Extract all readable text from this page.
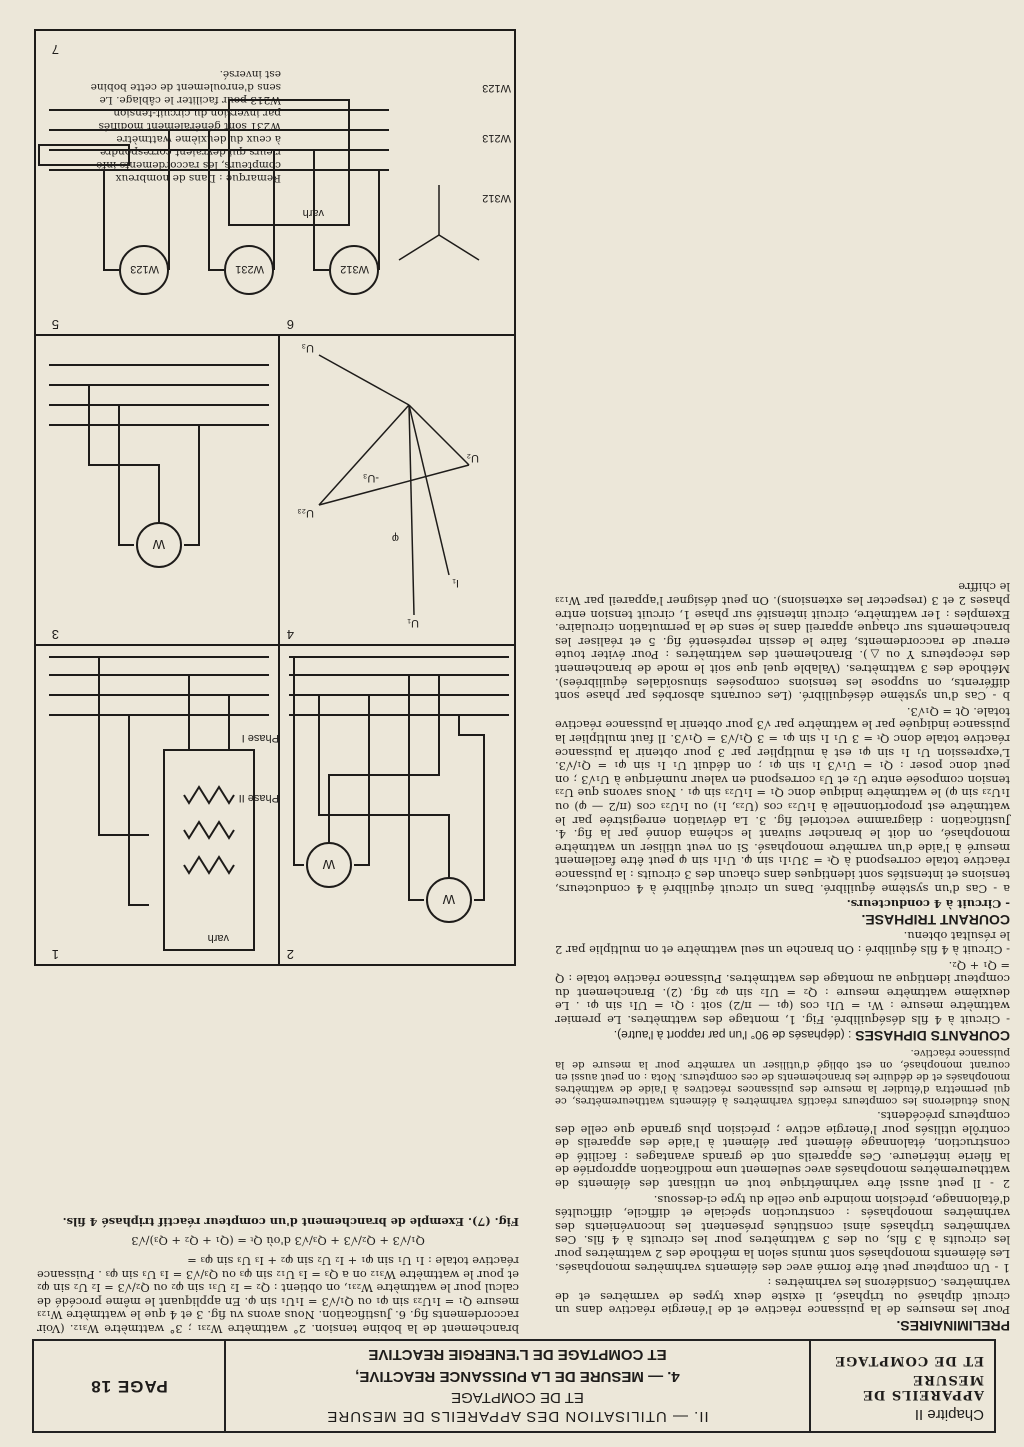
Chapitre II
APPAREILS DE MESURE
ET DE COMPTAGE
II. — UTILISATION DES APPAREILS DE MESURE
ET DE COMPTAGE
4. — MESURE DE LA PUISSANCE REACTIVE,
ET COMPTAGE DE L'ENERGIE REACTIVE
PAGE 18
PRELIMINAIRES.

Pour les mesures de la puissance réactive et de l'énergie réactive dans un circuit diphasé ou triphasé, il existe deux types de varmètres et de varhmètres. Considérons les varhmètres :

1 - Un compteur peut être formé avec des éléments varhmètres monophasés. Les éléments monophasés sont munis selon la méthode des 2 wattmètres pour les circuits à 3 fils, ou des 3 wattmètres pour les circuits à 4 fils. Ces varhmètres triphasés ainsi constitués présentent les inconvénients des varhmètres monophasés : construction spéciale et difficile, difficultés d'étalonnage, précision moindre que celle du type ci-dessous.

2 - Il peut aussi être varhmétrique tout en utilisant des éléments de wattheuremètres monophasés avec seulement une modification appropriée de la filerie intérieure. Ces appareils ont de grands avantages : facilité de construction, étalonnage élément par élément à l'aide des appareils de contrôle utilisés pour l'énergie active ; précision plus grande que celle des compteurs précédents.

Nous étudierons les compteurs réactifs varhmètres à éléments wattheuremètres, ce qui permettra d'étudier la mesure des puissances réactives à l'aide de wattmètres monophasés et de déduire les branchements de ces compteurs. Nota : on peut aussi en courant monophasé, on est obligé d'utiliser un varmètre pour la mesure de la puissance réactive.

COURANTS DIPHASES : (déphasés de 90° l'un par rapport à l'autre).

- Circuit à 4 fils déséquilibré. Fig. 1, montage des wattmètres. Le premier wattmètre mesure : W₁ = UI₁ cos (φ₁ — π/2) soit : Q₁ = UI₁ sin φ₁ . Le deuxième wattmètre mesure : Q₂ = UI₂ sin φ₂ fig. (2). Branchement du compteur identique au montage des wattmètres. Puissance réactive totale : Q = Q₁ + Q₂.

- Circuit à 4 fils équilibré : On branche un seul wattmètre et on multiplie par 2 le résultat obtenu.

COURANT TRIPHASE.

- Circuit à 4 conducteurs.

a - Cas d'un système équilibré. Dans un circuit équilibré à 4 conducteurs, tensions et intensités sont identiques dans chacun des 3 circuits : la puissance réactive totale correspond à Qₜ = 3U₁I₁ sin φ. U₁I₁ sin φ peut être facilement mesuré à l'aide d'un varmètre monophasé. Si on veut utiliser un wattmètre monophasé, on doit le brancher suivant le schéma donné par la fig. 4. Justification : diagramme vectoriel fig. 3. La déviation enregistrée par le wattmètre est proportionnelle à I₁U₂₃ cos (U₂₃, I₁) ou I₁U₂₃ cos (π/2 — φ) ou I₁U₂₃ sin φ) le wattmètre indique donc Q₁ = I₁U₂₃ sin φ₁ . Nous savons que U₂₃ tension composée entre U₂ et U₃ correspond en valeur numérique à U₁√3 ; on peut donc poser : Q₁ = U₁√3 I₁ sin φ₁ ; on déduit U₁ I₁ sin φ₁ = Q₁/√3. L'expression U₁ I₁ sin φ₁ est à multiplier par 3 pour obtenir la puissance réactive totale donc Qₜ = 3 U₁ I₁ sin φ₁ = 3 Q₁/√3 = Q₁√3. Il faut multiplier la puissance indiquée par le wattmètre par √3 pour obtenir la puissance réactive totale. Qt = Q₁√3.

b - Cas d'un système déséquilibré. (Les courants absorbés par phase sont différents, on suppose les tensions composées sinusoïdales équilibrées). Méthode des 3 wattmètres. (Valable quel que soit le mode de branchement des récepteurs Y ou △). Branchement des wattmètres : Pour éviter toute erreur de raccordements, faire le dessin représenté fig. 5 et réaliser les branchements sur chaque appareil dans le sens de la permutation circulaire. Exemples : 1er wattmètre, circuit intensité sur phase 1, circuit tension entre phases 2 et 3 (respecter les extensions). On peut désigner l'appareil par W₁₂₃ le chiffre

branchement de la bobine tension. 2° wattmètre W₂₃₁ ; 3° wattmètre W₃₁₂. (Voir raccordements fig. 6. Justification. Nous avons vu fig. 3 et 4 que le wattmètre W₁₂₃ mesure Q₁ = I₁U₂₃ sin φ₁ ou Q₁/√3 = I₁U₁ sin φ. En appliquant le même procédé de calcul pour le wattmètre W₂₃₁, on obtient : Q₂ = I₂ U₃₁ sin φ₂ ou Q₂/√3 = I₂ U₂ sin φ₂ et pour le wattmètre W₃₁₂ on a Q₃ = I₃ U₁₂ sin φ₃ ou Q₃/√3 = I₃ U₃ sin φ₃ . Puissance réactive totale : I₁ U₁ sin φ₁ + I₂ U₂ sin φ₂ + I₃ U₃ sin φ₃ =

Q₁/√3 + Q₂/√3 + Q₃/√3 d'où Qₜ = (Q₁ + Q₂ + Q₃)/√3

Fig. (7). Exemple de branchement d'un compteur réactif triphasé 4 fils.

1	2
3	4
5	6
7
W
W
W
W312
W231
W123
varh
varh
Phase I
Phase II
W312
W213
W123
U₁
I₁
U₂₃
U₂
U₃
φ
-U₃
Remarque : Dans de nombreux
compteurs, les raccordements infé-
rieurs qui devraient correspondre
à ceux du deuxième wattmètre
W231 sont généralement modifiés
par inversion du circuit-tension
W213 pour faciliter le câblage. Le
sens d'enroulement de cette bobine
est inversé.
